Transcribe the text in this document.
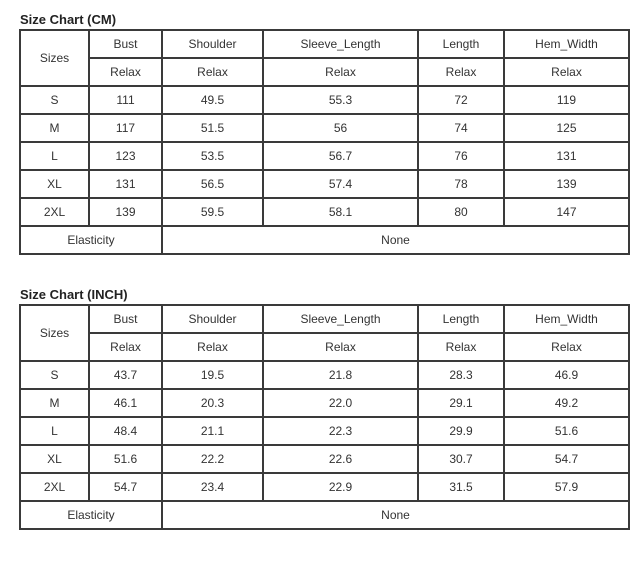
Size Chart (CM)
Sizes	Bust	Shoulder	Sleeve_Length	Length	Hem_Width
	Relax	Relax	Relax	Relax	Relax
S	111	49.5	55.3	72	119
M	117	51.5	56	74	125
L	123	53.5	56.7	76	131
XL	131	56.5	57.4	78	139
2XL	139	59.5	58.1	80	147
Elasticity		None			
Size Chart (INCH)
Sizes	Bust	Shoulder	Sleeve_Length	Length	Hem_Width
	Relax	Relax	Relax	Relax	Relax
S	43.7	19.5	21.8	28.3	46.9
M	46.1	20.3	22.0	29.1	49.2
L	48.4	21.1	22.3	29.9	51.6
XL	51.6	22.2	22.6	30.7	54.7
2XL	54.7	23.4	22.9	31.5	57.9
Elasticity		None			
